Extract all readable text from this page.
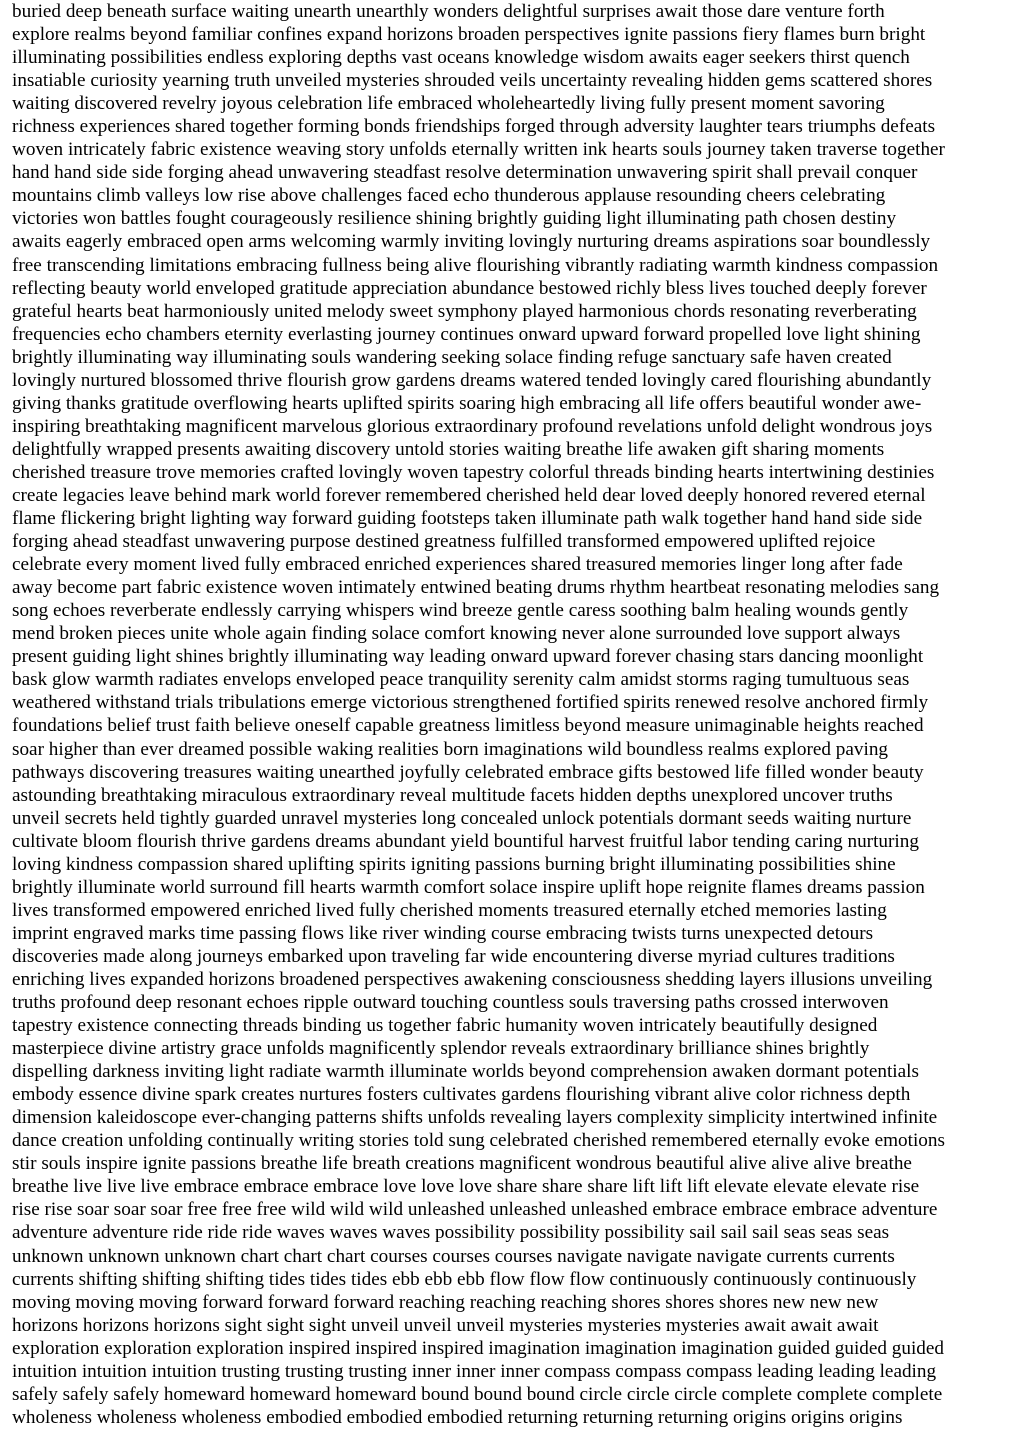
buried deep beneath surface waiting unearth unearthly wonders delightful surprises await those dare venture forth
explore realms beyond familiar confines expand horizons broaden perspectives ignite passions fiery flames burn bright
illuminating possibilities endless exploring depths vast oceans knowledge wisdom awaits eager seekers thirst quench
insatiable curiosity yearning truth unveiled mysteries shrouded veils uncertainty revealing hidden gems scattered shores
waiting discovered revelry joyous celebration life embraced wholeheartedly living fully present moment savoring
richness experiences shared together forming bonds friendships forged through adversity laughter tears triumphs defeats
woven intricately fabric existence weaving story unfolds eternally written ink hearts souls journey taken traverse together
hand hand side side forging ahead unwavering steadfast resolve determination unwavering spirit shall prevail conquer
mountains climb valleys low rise above challenges faced echo thunderous applause resounding cheers celebrating
victories won battles fought courageously resilience shining brightly guiding light illuminating path chosen destiny
awaits eagerly embraced open arms welcoming warmly inviting lovingly nurturing dreams aspirations soar boundlessly
free transcending limitations embracing fullness being alive flourishing vibrantly radiating warmth kindness compassion
reflecting beauty world enveloped gratitude appreciation abundance bestowed richly bless lives touched deeply forever
grateful hearts beat harmoniously united melody sweet symphony played harmonious chords resonating reverberating
frequencies echo chambers eternity everlasting journey continues onward upward forward propelled love light shining
brightly illuminating way illuminating souls wandering seeking solace finding refuge sanctuary safe haven created
lovingly nurtured blossomed thrive flourish grow gardens dreams watered tended lovingly cared flourishing abundantly
giving thanks gratitude overflowing hearts uplifted spirits soaring high embracing all life offers beautiful wonder awe-
inspiring breathtaking magnificent marvelous glorious extraordinary profound revelations unfold delight wondrous joys
delightfully wrapped presents awaiting discovery untold stories waiting breathe life awaken gift sharing moments
cherished treasure trove memories crafted lovingly woven tapestry colorful threads binding hearts intertwining destinies
create legacies leave behind mark world forever remembered cherished held dear loved deeply honored revered eternal
flame flickering bright lighting way forward guiding footsteps taken illuminate path walk together hand hand side side
forging ahead steadfast unwavering purpose destined greatness fulfilled transformed empowered uplifted rejoice
celebrate every moment lived fully embraced enriched experiences shared treasured memories linger long after fade
away become part fabric existence woven intimately entwined beating drums rhythm heartbeat resonating melodies sang
song echoes reverberate endlessly carrying whispers wind breeze gentle caress soothing balm healing wounds gently
mend broken pieces unite whole again finding solace comfort knowing never alone surrounded love support always
present guiding light shines brightly illuminating way leading onward upward forever chasing stars dancing moonlight
bask glow warmth radiates envelops enveloped peace tranquility serenity calm amidst storms raging tumultuous seas
weathered withstand trials tribulations emerge victorious strengthened fortified spirits renewed resolve anchored firmly
foundations belief trust faith believe oneself capable greatness limitless beyond measure unimaginable heights reached
soar higher than ever dreamed possible waking realities born imaginations wild boundless realms explored paving
pathways discovering treasures waiting unearthed joyfully celebrated embrace gifts bestowed life filled wonder beauty
astounding breathtaking miraculous extraordinary reveal multitude facets hidden depths unexplored uncover truths
unveil secrets held tightly guarded unravel mysteries long concealed unlock potentials dormant seeds waiting nurture
cultivate bloom flourish thrive gardens dreams abundant yield bountiful harvest fruitful labor tending caring nurturing
loving kindness compassion shared uplifting spirits igniting passions burning bright illuminating possibilities shine
brightly illuminate world surround fill hearts warmth comfort solace inspire uplift hope reignite flames dreams passion
lives transformed empowered enriched lived fully cherished moments treasured eternally etched memories lasting
imprint engraved marks time passing flows like river winding course embracing twists turns unexpected detours
discoveries made along journeys embarked upon traveling far wide encountering diverse myriad cultures traditions
enriching lives expanded horizons broadened perspectives awakening consciousness shedding layers illusions unveiling
truths profound deep resonant echoes ripple outward touching countless souls traversing paths crossed interwoven
tapestry existence connecting threads binding us together fabric humanity woven intricately beautifully designed
masterpiece divine artistry grace unfolds magnificently splendor reveals extraordinary brilliance shines brightly
dispelling darkness inviting light radiate warmth illuminate worlds beyond comprehension awaken dormant potentials
embody essence divine spark creates nurtures fosters cultivates gardens flourishing vibrant alive color richness depth
dimension kaleidoscope ever-changing patterns shifts unfolds revealing layers complexity simplicity intertwined infinite
dance creation unfolding continually writing stories told sung celebrated cherished remembered eternally evoke emotions
stir souls inspire ignite passions breathe life breath creations magnificent wondrous beautiful alive alive alive breathe
breathe live live live embrace embrace embrace love love love share share share lift lift lift elevate elevate elevate rise
rise rise soar soar soar free free free wild wild wild unleashed unleashed unleashed embrace embrace embrace adventure
adventure adventure ride ride ride waves waves waves possibility possibility possibility sail sail sail seas seas seas
unknown unknown unknown chart chart chart courses courses courses navigate navigate navigate currents currents
currents shifting shifting shifting tides tides tides ebb ebb ebb flow flow flow continuously continuously continuously
moving moving moving forward forward forward reaching reaching reaching shores shores shores new new new
horizons horizons horizons sight sight sight unveil unveil unveil mysteries mysteries mysteries await await await
exploration exploration exploration inspired inspired inspired imagination imagination imagination guided guided guided
intuition intuition intuition trusting trusting trusting inner inner inner compass compass compass leading leading leading
safely safely safely homeward homeward homeward bound bound bound circle circle circle complete complete complete
wholeness wholeness wholeness embodied embodied embodied returning returning returning origins origins origins
